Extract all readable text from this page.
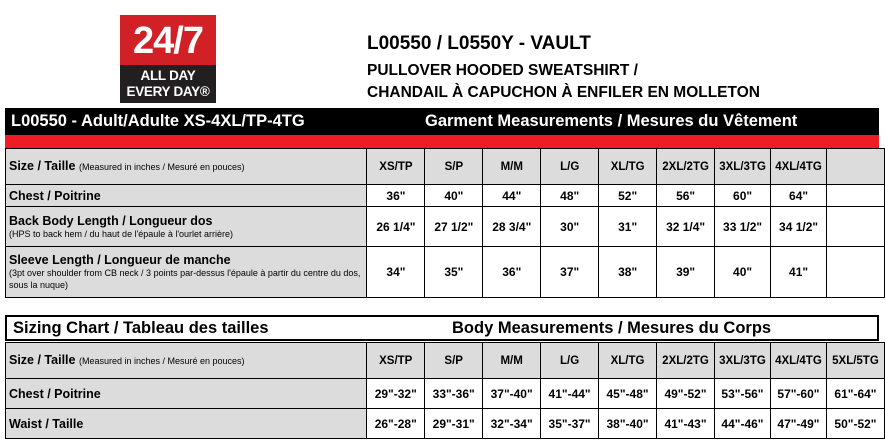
24/7
ALL DAY
EVERY DAY®
L00550 / L0550Y - VAULT
PULLOVER HOODED SWEATSHIRT /
CHANDAIL À CAPUCHON À ENFILER EN MOLLETON
L00550 - Adult/Adulte XS-4XL/TP-4TG	Garment Measurements / Mesures du Vêtement
Size / Taille (Measured in inches / Mesuré en pouces)	XS/TP	S/P	M/M	L/G	XL/TG	2XL/2TG	3XL/3TG	4XL/4TG	
Chest / Poitrine	36"	40"	44"	48"	52"	56"	60"	64"	
Back Body Length / Longueur dos
(HPS to back hem / du haut de l'épaule à l'ourlet arrière)	26 1/4"	27 1/2"	28 3/4"	30"	31"	32 1/4"	33 1/2"	34 1/2"	
Sleeve Length / Longueur de manche
(3pt over shoulder from CB neck / 3 points par-dessus l'épaule à partir du centre du dos, sous la nuque)	34"	35"	36"	37"	38"	39"	40"	41"	
Sizing Chart / Tableau des tailles	Body Measurements / Mesures du Corps
Size / Taille (Measured in inches / Mesuré en pouces)	XS/TP	S/P	M/M	L/G	XL/TG	2XL/2TG	3XL/3TG	4XL/4TG	5XL/5TG
Chest / Poitrine	29"-32"	33"-36"	37"-40"	41"-44"	45"-48"	49"-52"	53"-56"	57"-60"	61"-64"
Waist / Taille	26"-28"	29"-31"	32"-34"	35"-37"	38"-40"	41"-43"	44"-46"	47"-49"	50"-52"
